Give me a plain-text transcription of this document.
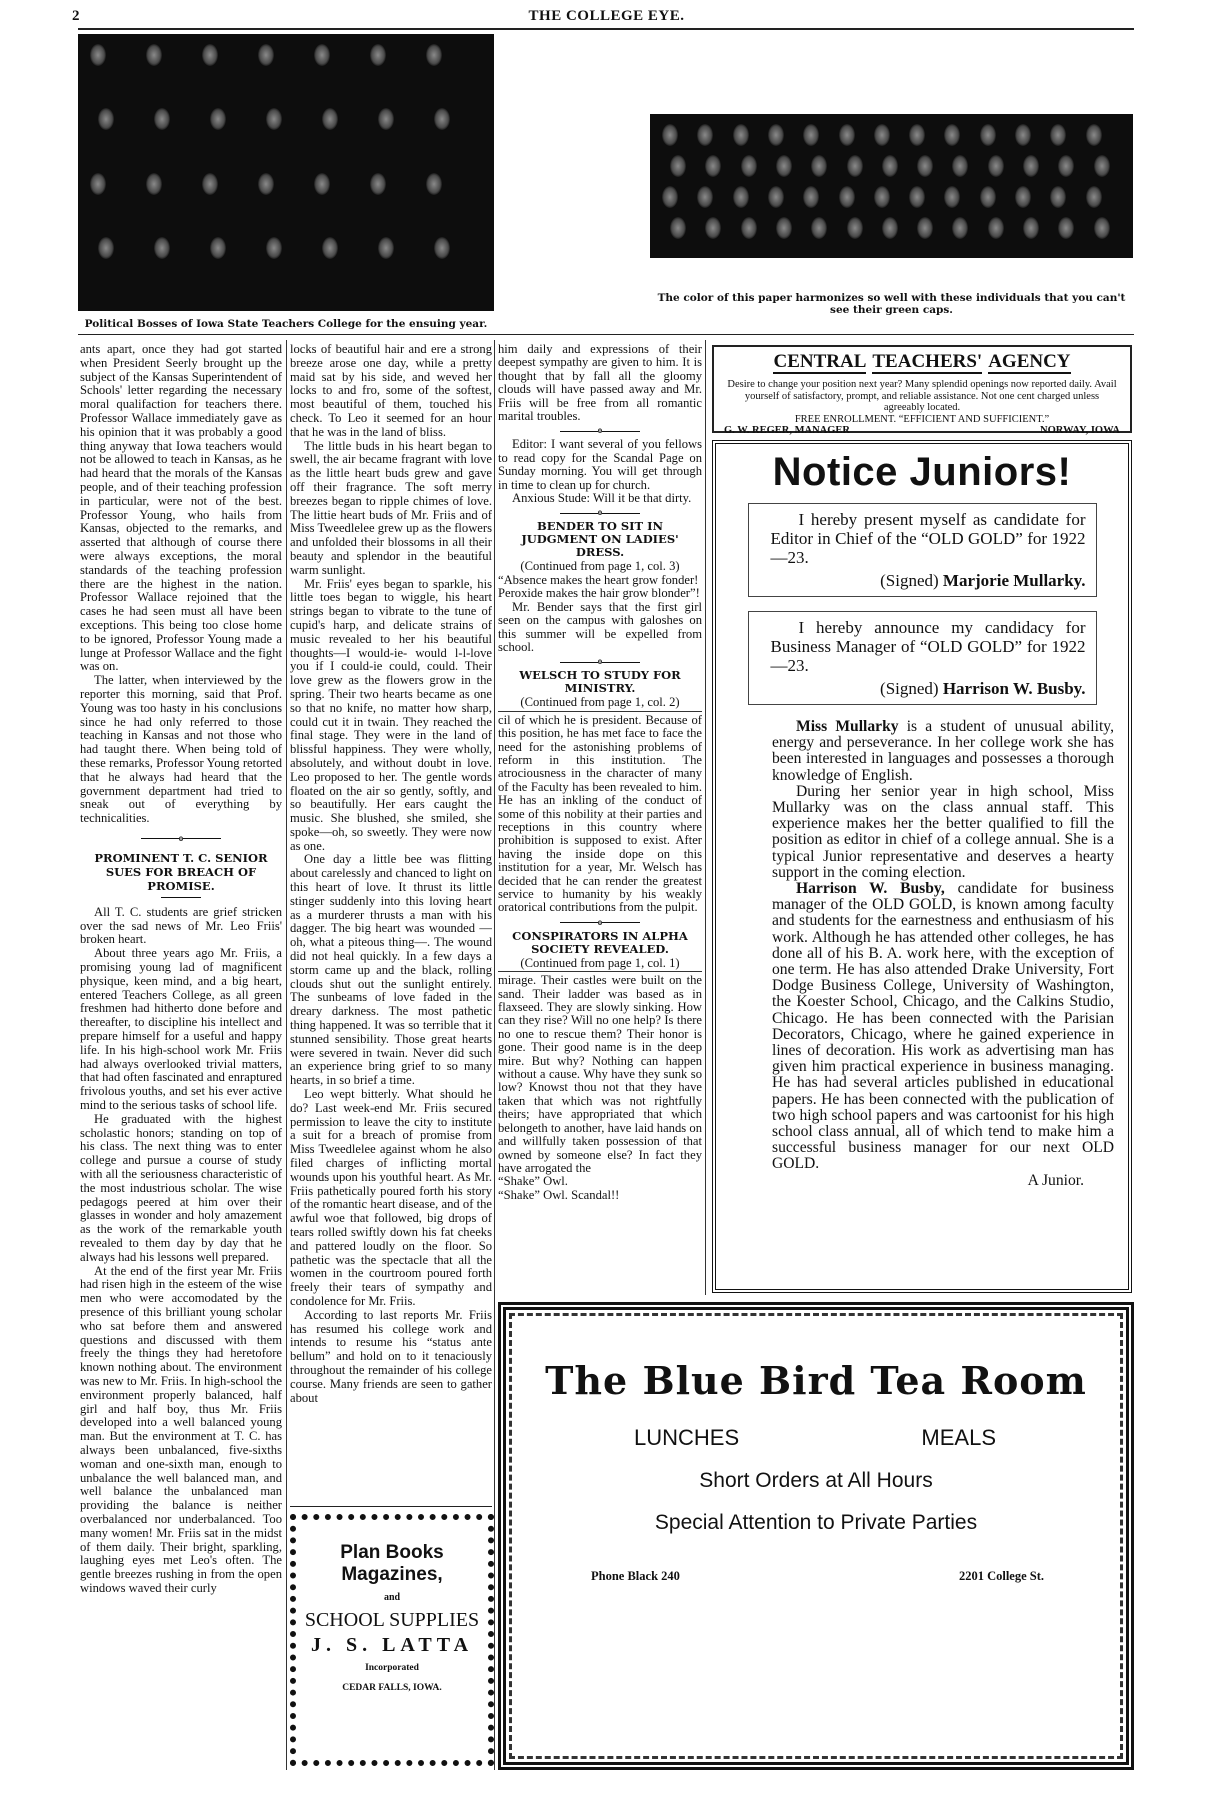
2	THE COLLEGE EYE.
Political Bosses of Iowa State Teachers College for the ensuing year.
The color of this paper harmonizes so well with these individuals that you can't see their green caps.

ants apart, once they had got started when President Seerly brought up the subject of the Kansas Superintendent of Schools' letter regarding the necessary moral qualifaction for teachers there. Professor Wallace immediately gave as his opinion that it was probably a good thing anyway that Iowa teachers would not be allowed to teach in Kansas, as he had heard that the morals of the Kansas people, and of their teaching profession in particular, were not of the best. Professor Young, who hails from Kansas, objected to the remarks, and asserted that although of course there were always exceptions, the moral standards of the teaching profession there are the highest in the nation. Professor Wallace rejoined that the cases he had seen must all have been exceptions. This being too close home to be ignored, Professor Young made a lunge at Professor Wallace and the fight was on.

The latter, when interviewed by the reporter this morning, said that Prof. Young was too hasty in his conclusions since he had only referred to those teaching in Kansas and not those who had taught there. When being told of these remarks, Professor Young retorted that he always had heard that the government department had tried to sneak out of everything by technicalities.

o
PROMINENT T. C. SENIOR SUES FOR BREACH OF PROMISE.

All T. C. students are grief stricken over the sad news of Mr. Leo Friis' broken heart.

About three years ago Mr. Friis, a promising young lad of magnificent physique, keen mind, and a big heart, entered Teachers College, as all green freshmen had hitherto done before and thereafter, to discipline his intellect and prepare himself for a useful and happy life. In his high-school work Mr. Friis had always overlooked trivial matters, that had often fascinated and enraptured frivolous youths, and set his ever active mind to the serious tasks of school life.

He graduated with the highest scholastic honors; standing on top of his class. The next thing was to enter college and pursue a course of study with all the seriousness characteristic of the most industrious scholar. The wise pedagogs peered at him over their glasses in wonder and holy amazement as the work of the remarkable youth revealed to them day by day that he always had his lessons well prepared.

At the end of the first year Mr. Friis had risen high in the esteem of the wise men who were accomodated by the presence of this brilliant young scholar who sat before them and answered questions and discussed with them freely the things they had heretofore known nothing about. The environment was new to Mr. Friis. In high-school the environment properly balanced, half girl and half boy, thus Mr. Friis developed into a well balanced young man. But the environment at T. C. has always been unbalanced, five-sixths woman and one-sixth man, enough to unbalance the well balanced man, and well balance the unbalanced man providing the balance is neither overbalanced nor underbalanced. Too many women! Mr. Friis sat in the midst of them daily. Their bright, sparkling, laughing eyes met Leo's often. The gentle breezes rushing in from the open windows waved their curly

locks of beautiful hair and ere a strong breeze arose one day, while a pretty maid sat by his side, and weved her locks to and fro, some of the softest, most beautiful of them, touched his check. To Leo it seemed for an hour that he was in the land of bliss.

The little buds in his heart began to swell, the air became fragrant with love as the little heart buds grew and gave off their fragrance. The soft merry breezes began to ripple chimes of love. The littie heart buds of Mr. Friis and of Miss Tweedlelee grew up as the flowers and unfolded their blossoms in all their beauty and splendor in the beautiful warm sunlight.

Mr. Friis' eyes began to sparkle, his little toes began to wiggle, his heart strings began to vibrate to the tune of cupid's harp, and delicate strains of music revealed to her his beautiful thoughts—I would-ie- would l-l-love you if I could-ie could, could. Their love grew as the flowers grow in the spring. Their two hearts became as one so that no knife, no matter how sharp, could cut it in twain. They reached the final stage. They were in the land of blissful happiness. They were wholly, absolutely, and without doubt in love. Leo proposed to her. The gentle words floated on the air so gently, softly, and so beautifully. Her ears caught the music. She blushed, she smiled, she spoke—oh, so sweetly. They were now as one.

One day a little bee was flitting about carelessly and chanced to light on this heart of love. It thrust its little stinger suddenly into this loving heart as a murderer thrusts a man with his dagger. The big heart was wounded —oh, what a piteous thing—. The wound did not heal quickly. In a few days a storm came up and the black, rolling clouds shut out the sunlight entirely. The sunbeams of love faded in the dreary darkness. The most pathetic thing happened. It was so terrible that it stunned sensibility. Those great hearts were severed in twain. Never did such an experience bring grief to so many hearts, in so brief a time.

Leo wept bitterly. What should he do? Last week-end Mr. Friis secured permission to leave the city to institute a suit for a breach of promise from Miss Tweedlelee against whom he also filed charges of inflicting mortal wounds upon his youthful heart. As Mr. Friis pathetically poured forth his story of the romantic heart disease, and of the awful woe that followed, big drops of tears rolled swiftly down his fat cheeks and pattered loudly on the floor. So pathetic was the spectacle that all the women in the courtroom poured forth freely their tears of sympathy and condolence for Mr. Friis.

According to last reports Mr. Friis has resumed his college work and intends to resume his “status ante bellum” and hold on to it tenaciously throughout the remainder of his college course. Many friends are seen to gather about

Plan Books
Magazines,
and
SCHOOL SUPPLIES
J. S. LATTA
Incorporated
CEDAR FALLS, IOWA.

him daily and expressions of their deepest sympathy are given to him. It is thought that by fall all the gloomy clouds will have passed away and Mr. Friis will be free from all romantic marital troubles.

o

Editor: I want several of you fellows to read copy for the Scandal Page on Sunday morning. You will get through in time to clean up for church.

Anxious Stude: Will it be that dirty.

o
BENDER TO SIT IN JUDGMENT ON LADIES' DRESS.
(Continued from page 1, col. 3)
“Absence makes the heart grow fonder!
Peroxide makes the hair grow blonder”!

Mr. Bender says that the first girl seen on the campus with galoshes on this summer will be expelled from school.

o
WELSCH TO STUDY FOR MINISTRY.
(Continued from page 1, col. 2)

cil of which he is president. Because of this position, he has met face to face the need for the astonishing problems of reform in this institution. The atrociousness in the character of many of the Faculty has been revealed to him. He has an inkling of the conduct of some of this nobility at their parties and receptions in this country where prohibition is supposed to exist. After having the inside dope on this institution for a year, Mr. Welsch has decided that he can render the greatest service to humanity by his weakly oratorical contributions from the pulpit.

o
CONSPIRATORS IN ALPHA SOCIETY REVEALED.
(Continued from page 1, col. 1)

mirage. Their castles were built on the sand. Their ladder was based as in flaxseed. They are slowly sinking. How can they rise? Will no one help? Is there no one to rescue them? Their honor is gone. Their good name is in the deep mire. But why? Nothing can happen without a cause. Why have they sunk so low? Knowst thou not that they have taken that which was not rightfully theirs; have appropriated that which belongeth to another, have laid hands on and willfully taken possession of that owned by someone else? In fact they have arrogated the

“Shake” Owl.
“Shake” Owl. Scandal!!
CENTRAL TEACHERS' AGENCY
Desire to change your position next year? Many splendid openings now reported daily. Avail yourself of satisfactory, prompt, and reliable assistance. Not one cent charged unless agreeably located.
FREE ENROLLMENT. “EFFICIENT AND SUFFICIENT.”
G. W. REGER, MANAGER	NORWAY, IOWA
Notice Juniors!
I hereby present myself as candidate for Editor in Chief of the “OLD GOLD” for 1922—23.
(Signed) Marjorie Mullarky.
I hereby announce my candidacy for Business Manager of “OLD GOLD” for 1922—23.
(Signed) Harrison W. Busby.

Miss Mullarky is a student of unusual ability, energy and perseverance. In her college work she has been interested in languages and possesses a thorough knowledge of English.

During her senior year in high school, Miss Mullarky was on the class annual staff. This experience makes her the better qualified to fill the position as editor in chief of a college annual. She is a typical Junior representative and deserves a hearty support in the coming election.

Harrison W. Busby, candidate for business manager of the OLD GOLD, is known among faculty and students for the earnestness and enthusiasm of his work. Although he has attended other colleges, he has done all of his B. A. work here, with the exception of one term. He has also attended Drake University, Fort Dodge Business College, University of Washington, the Koester School, Chicago, and the Calkins Studio, Chicago. He has been connected with the Parisian Decorators, Chicago, where he gained experience in lines of decoration. His work as advertising man has given him practical experience in business managing. He has had several articles published in educational papers. He has been connected with the publication of two high school papers and was cartoonist for his high school class annual, all of which tend to make him a successful business manager for our next OLD GOLD.

A Junior.
The Blue Bird Tea Room
LUNCHES	MEALS
Short Orders at All Hours
Special Attention to Private Parties
Phone Black 240	2201 College St.
